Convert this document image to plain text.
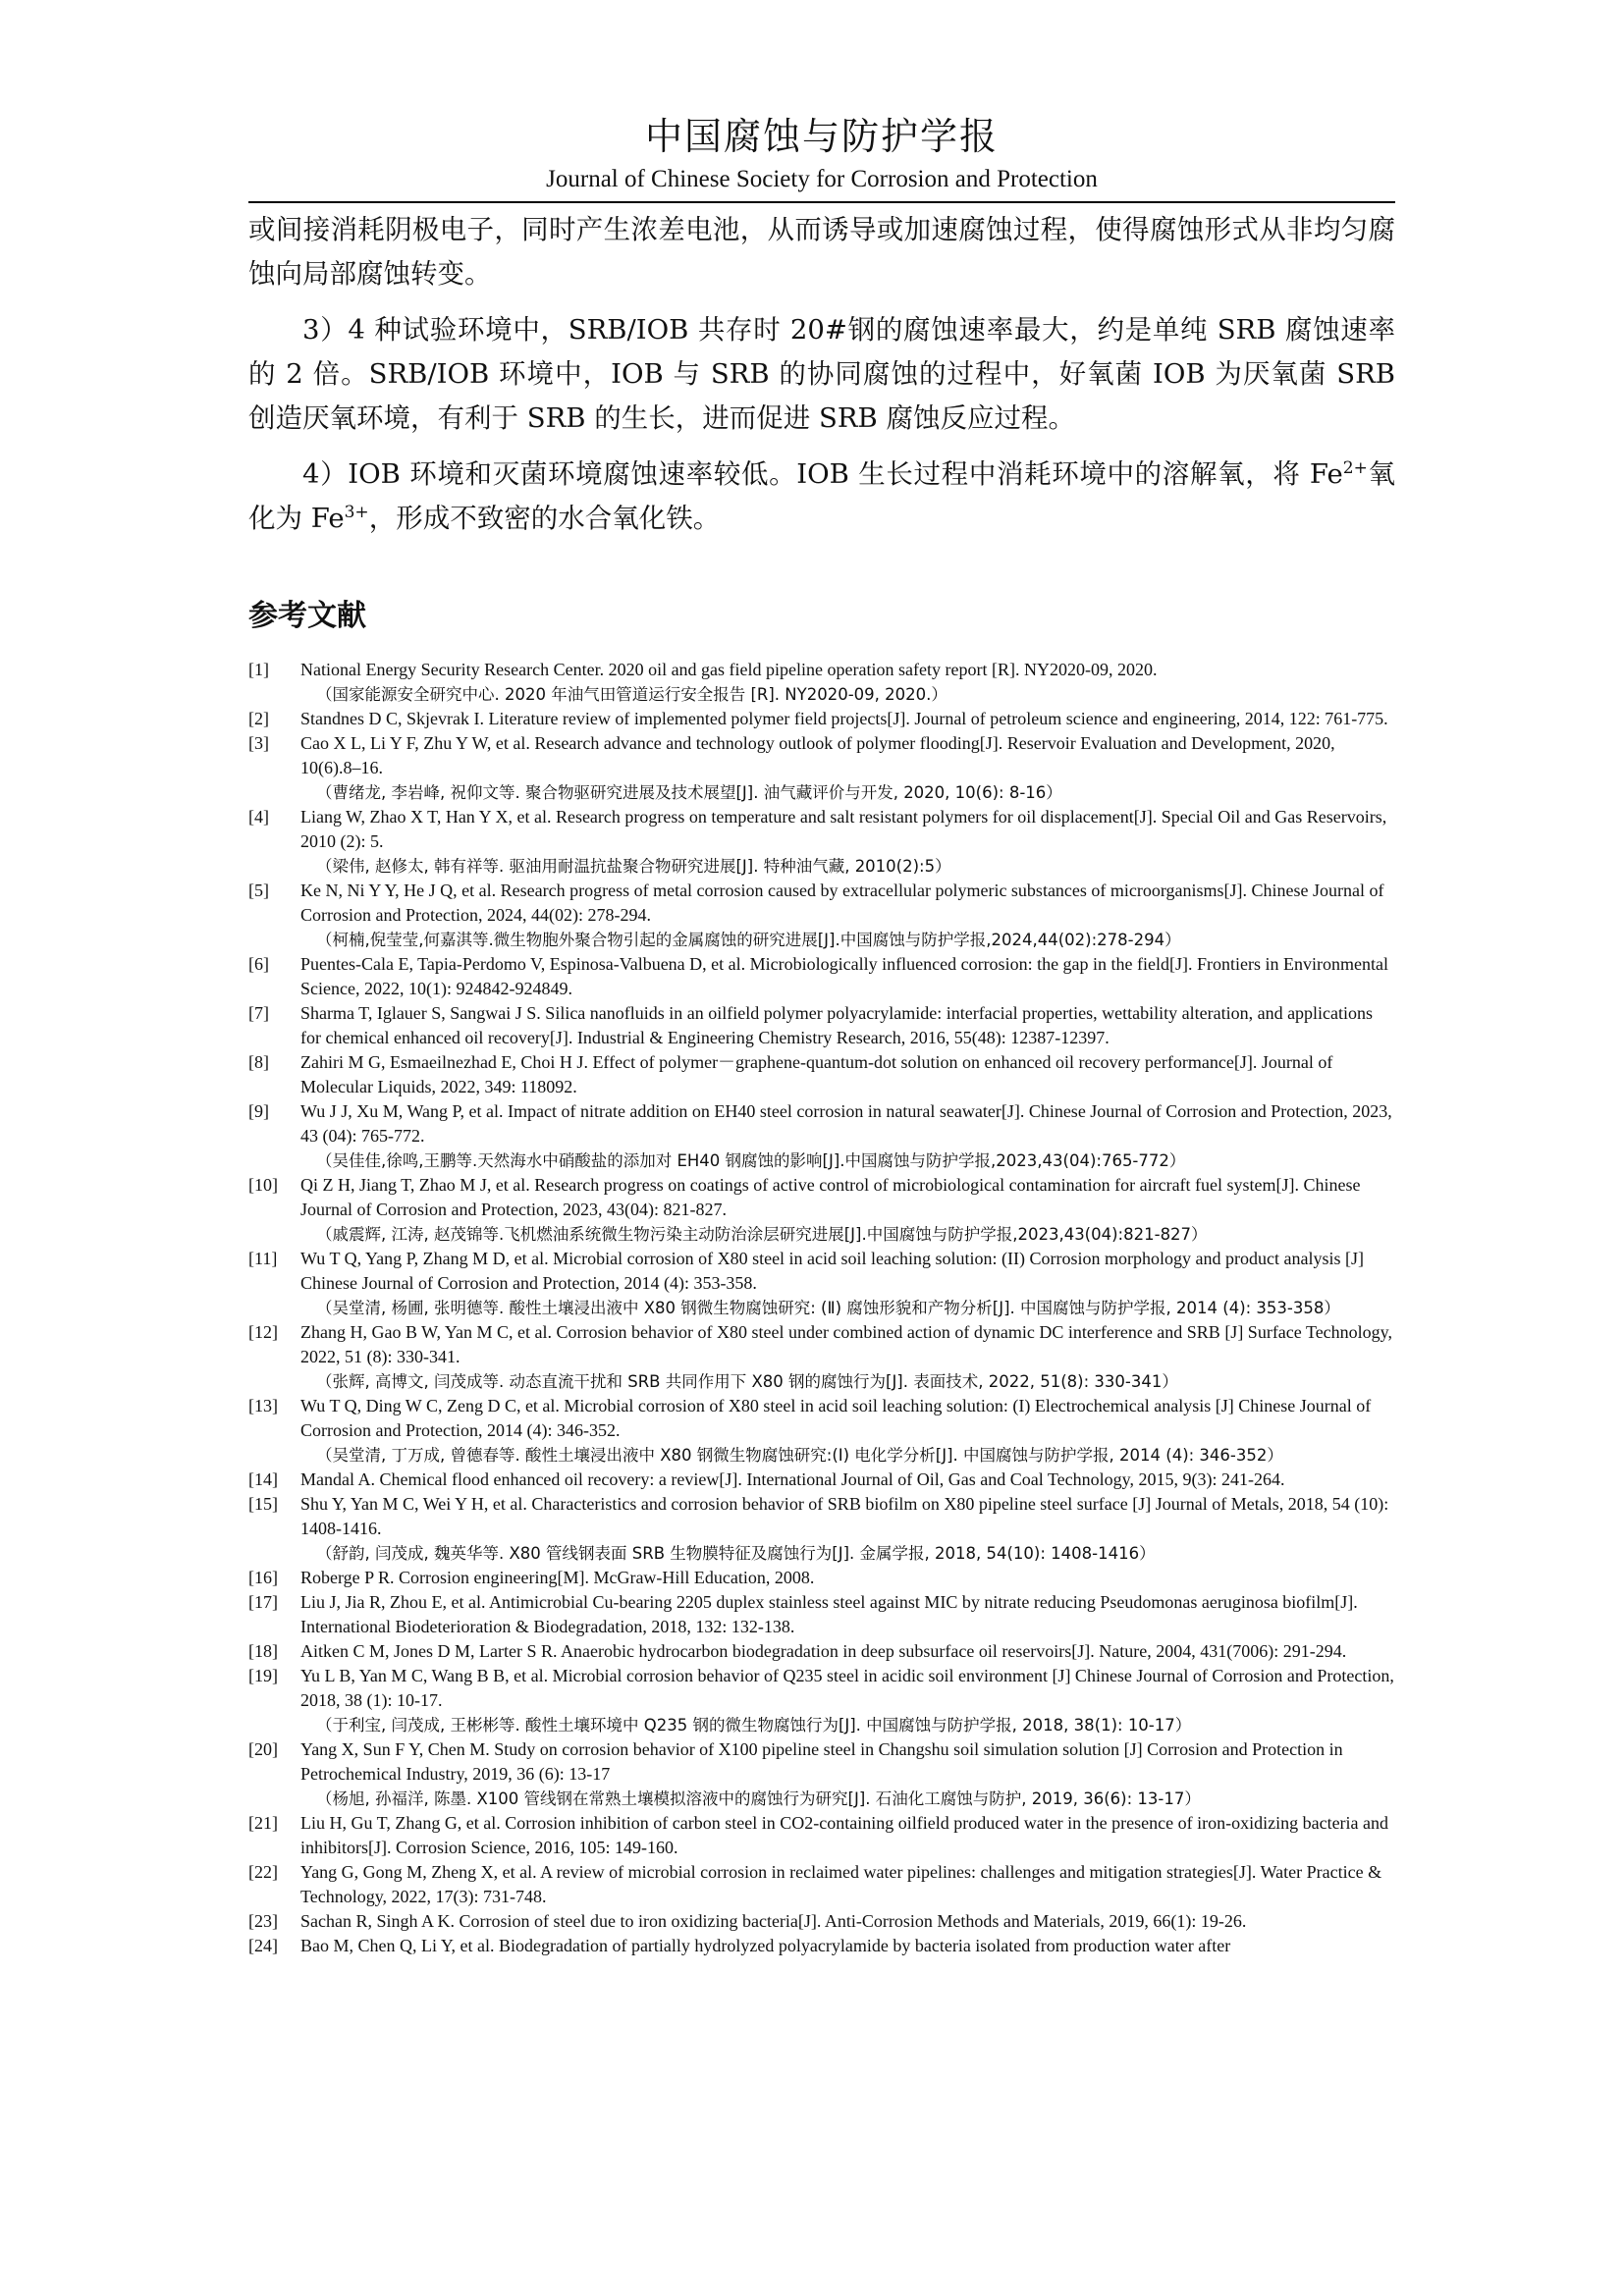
中国腐蚀与防护学报
Journal of Chinese Society for Corrosion and Protection

或间接消耗阴极电子，同时产生浓差电池，从而诱导或加速腐蚀过程，使得腐蚀形式从非均匀腐蚀向局部腐蚀转变。

3）4 种试验环境中，SRB/IOB 共存时 20#钢的腐蚀速率最大，约是单纯 SRB 腐蚀速率的 2 倍。SRB/IOB 环境中，IOB 与 SRB 的协同腐蚀的过程中，好氧菌 IOB 为厌氧菌 SRB 创造厌氧环境，有利于 SRB 的生长，进而促进 SRB 腐蚀反应过程。

4）IOB 环境和灭菌环境腐蚀速率较低。IOB 生长过程中消耗环境中的溶解氧，将 $Fe^{2+}$氧化为 $Fe^{3+}$，形成不致密的水合氧化铁。

参考文献
[1]	National Energy Security Research Center. 2020 oil and gas field pipeline operation safety report [R]. NY2020-09, 2020.
（国家能源安全研究中心. 2020 年油气田管道运行安全报告 [R]. NY2020-09, 2020.）
[2]	Standnes D C, Skjevrak I. Literature review of implemented polymer field projects[J]. Journal of petroleum science and engineering, 2014, 122: 761-775.
[3]	Cao X L, Li Y F, Zhu Y W, et al. Research advance and technology outlook of polymer flooding[J]. Reservoir Evaluation and Development, 2020, 10(6).8–16.
（曹绪龙, 李岩峰, 祝仰文等. 聚合物驱研究进展及技术展望[J]. 油气藏评价与开发, 2020, 10(6): 8-16）
[4]	Liang W, Zhao X T, Han Y X, et al. Research progress on temperature and salt resistant polymers for oil displacement[J]. Special Oil and Gas Reservoirs, 2010 (2): 5.
（梁伟, 赵修太, 韩有祥等. 驱油用耐温抗盐聚合物研究进展[J]. 特种油气藏, 2010(2):5）
[5]	Ke N, Ni Y Y, He J Q, et al. Research progress of metal corrosion caused by extracellular polymeric substances of microorganisms[J]. Chinese Journal of Corrosion and Protection, 2024, 44(02): 278-294.
（柯楠,倪莹莹,何嘉淇等.微生物胞外聚合物引起的金属腐蚀的研究进展[J].中国腐蚀与防护学报,2024,44(02):278-294）
[6]	Puentes-Cala E, Tapia-Perdomo V, Espinosa-Valbuena D, et al. Microbiologically influenced corrosion: the gap in the field[J]. Frontiers in Environmental Science, 2022, 10(1): 924842-924849.
[7]	Sharma T, Iglauer S, Sangwai J S. Silica nanofluids in an oilfield polymer polyacrylamide: interfacial properties, wettability alteration, and applications for chemical enhanced oil recovery[J]. Industrial & Engineering Chemistry Research, 2016, 55(48): 12387-12397.
[8]	Zahiri M G, Esmaeilnezhad E, Choi H J. Effect of polymer－graphene-quantum-dot solution on enhanced oil recovery performance[J]. Journal of Molecular Liquids, 2022, 349: 118092.
[9]	Wu J J, Xu M, Wang P, et al. Impact of nitrate addition on EH40 steel corrosion in natural seawater[J]. Chinese Journal of Corrosion and Protection, 2023, 43 (04): 765-772.
（吴佳佳,徐鸣,王鹏等.天然海水中硝酸盐的添加对 EH40 钢腐蚀的影响[J].中国腐蚀与防护学报,2023,43(04):765-772）
[10]	Qi Z H, Jiang T, Zhao M J, et al. Research progress on coatings of active control of microbiological contamination for aircraft fuel system[J]. Chinese Journal of Corrosion and Protection, 2023, 43(04): 821-827.
（戚震辉, 江涛, 赵茂锦等.飞机燃油系统微生物污染主动防治涂层研究进展[J].中国腐蚀与防护学报,2023,43(04):821-827）
[11]	Wu T Q, Yang P, Zhang M D, et al. Microbial corrosion of X80 steel in acid soil leaching solution: (II) Corrosion morphology and product analysis [J] Chinese Journal of Corrosion and Protection, 2014 (4): 353-358.
（吴堂清, 杨圃, 张明德等. 酸性土壤浸出液中 X80 钢微生物腐蚀研究: (Ⅱ) 腐蚀形貌和产物分析[J]. 中国腐蚀与防护学报, 2014 (4): 353-358）
[12]	Zhang H, Gao B W, Yan M C, et al. Corrosion behavior of X80 steel under combined action of dynamic DC interference and SRB [J] Surface Technology, 2022, 51 (8): 330-341.
（张辉, 高博文, 闫茂成等. 动态直流干扰和 SRB 共同作用下 X80 钢的腐蚀行为[J]. 表面技术, 2022, 51(8): 330-341）
[13]	Wu T Q, Ding W C, Zeng D C, et al. Microbial corrosion of X80 steel in acid soil leaching solution: (I) Electrochemical analysis [J] Chinese Journal of Corrosion and Protection, 2014 (4): 346-352.
（吴堂清, 丁万成, 曾德春等. 酸性土壤浸出液中 X80 钢微生物腐蚀研究:(Ⅰ) 电化学分析[J]. 中国腐蚀与防护学报, 2014 (4): 346-352）
[14]	Mandal A. Chemical flood enhanced oil recovery: a review[J]. International Journal of Oil, Gas and Coal Technology, 2015, 9(3): 241-264.
[15]	Shu Y, Yan M C, Wei Y H, et al. Characteristics and corrosion behavior of SRB biofilm on X80 pipeline steel surface [J] Journal of Metals, 2018, 54 (10): 1408-1416.
（舒韵, 闫茂成, 魏英华等. X80 管线钢表面 SRB 生物膜特征及腐蚀行为[J]. 金属学报, 2018, 54(10): 1408-1416）
[16]	Roberge P R. Corrosion engineering[M]. McGraw-Hill Education, 2008.
[17]	Liu J, Jia R, Zhou E, et al. Antimicrobial Cu-bearing 2205 duplex stainless steel against MIC by nitrate reducing Pseudomonas aeruginosa biofilm[J]. International Biodeterioration & Biodegradation, 2018, 132: 132-138.
[18]	Aitken C M, Jones D M, Larter S R. Anaerobic hydrocarbon biodegradation in deep subsurface oil reservoirs[J]. Nature, 2004, 431(7006): 291-294.
[19]	Yu L B, Yan M C, Wang B B, et al. Microbial corrosion behavior of Q235 steel in acidic soil environment [J] Chinese Journal of Corrosion and Protection, 2018, 38 (1): 10-17.
（于利宝, 闫茂成, 王彬彬等. 酸性土壤环境中 Q235 钢的微生物腐蚀行为[J]. 中国腐蚀与防护学报, 2018, 38(1): 10-17）
[20]	Yang X, Sun F Y, Chen M. Study on corrosion behavior of X100 pipeline steel in Changshu soil simulation solution [J] Corrosion and Protection in Petrochemical Industry, 2019, 36 (6): 13-17
（杨旭, 孙福洋, 陈墨. X100 管线钢在常熟土壤模拟溶液中的腐蚀行为研究[J]. 石油化工腐蚀与防护, 2019, 36(6): 13-17）
[21]	Liu H, Gu T, Zhang G, et al. Corrosion inhibition of carbon steel in CO2-containing oilfield produced water in the presence of iron-oxidizing bacteria and inhibitors[J]. Corrosion Science, 2016, 105: 149-160.
[22]	Yang G, Gong M, Zheng X, et al. A review of microbial corrosion in reclaimed water pipelines: challenges and mitigation strategies[J]. Water Practice & Technology, 2022, 17(3): 731-748.
[23]	Sachan R, Singh A K. Corrosion of steel due to iron oxidizing bacteria[J]. Anti-Corrosion Methods and Materials, 2019, 66(1): 19-26.
[24]	Bao M, Chen Q, Li Y, et al. Biodegradation of partially hydrolyzed polyacrylamide by bacteria isolated from production water after
